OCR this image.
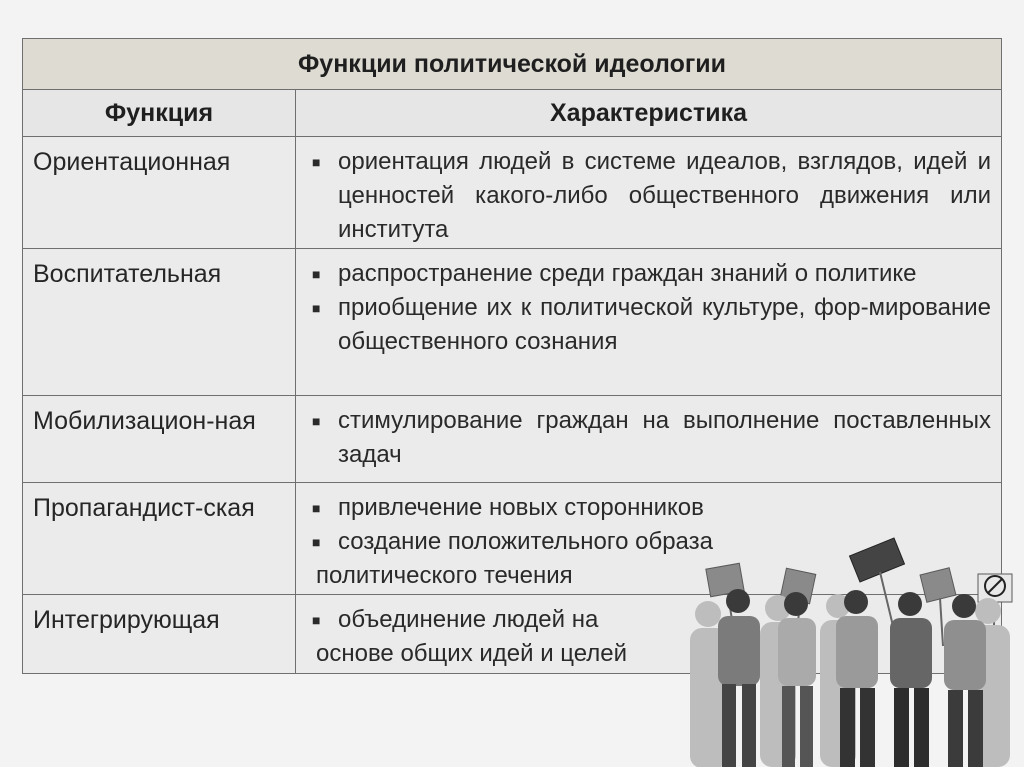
Функции политической идеологии
Функция	Характеристика
Ориентационная	■ ориентация людей в системе идеалов, взглядов, идей и ценностей какого-либо общественного движения или института
Воспитательная	■ распространение среди граждан знаний о политике
■ приобщение их к политической культуре, фор-мирование общественного сознания
Мобилизацион-ная	■ стимулирование граждан на выполнение поставленных задач
Пропагандист-ская	■ привлечение новых сторонников
■ создание положительного образа
политического течения
Интегрирующая	■ объединение людей на
основе общих идей и целей
